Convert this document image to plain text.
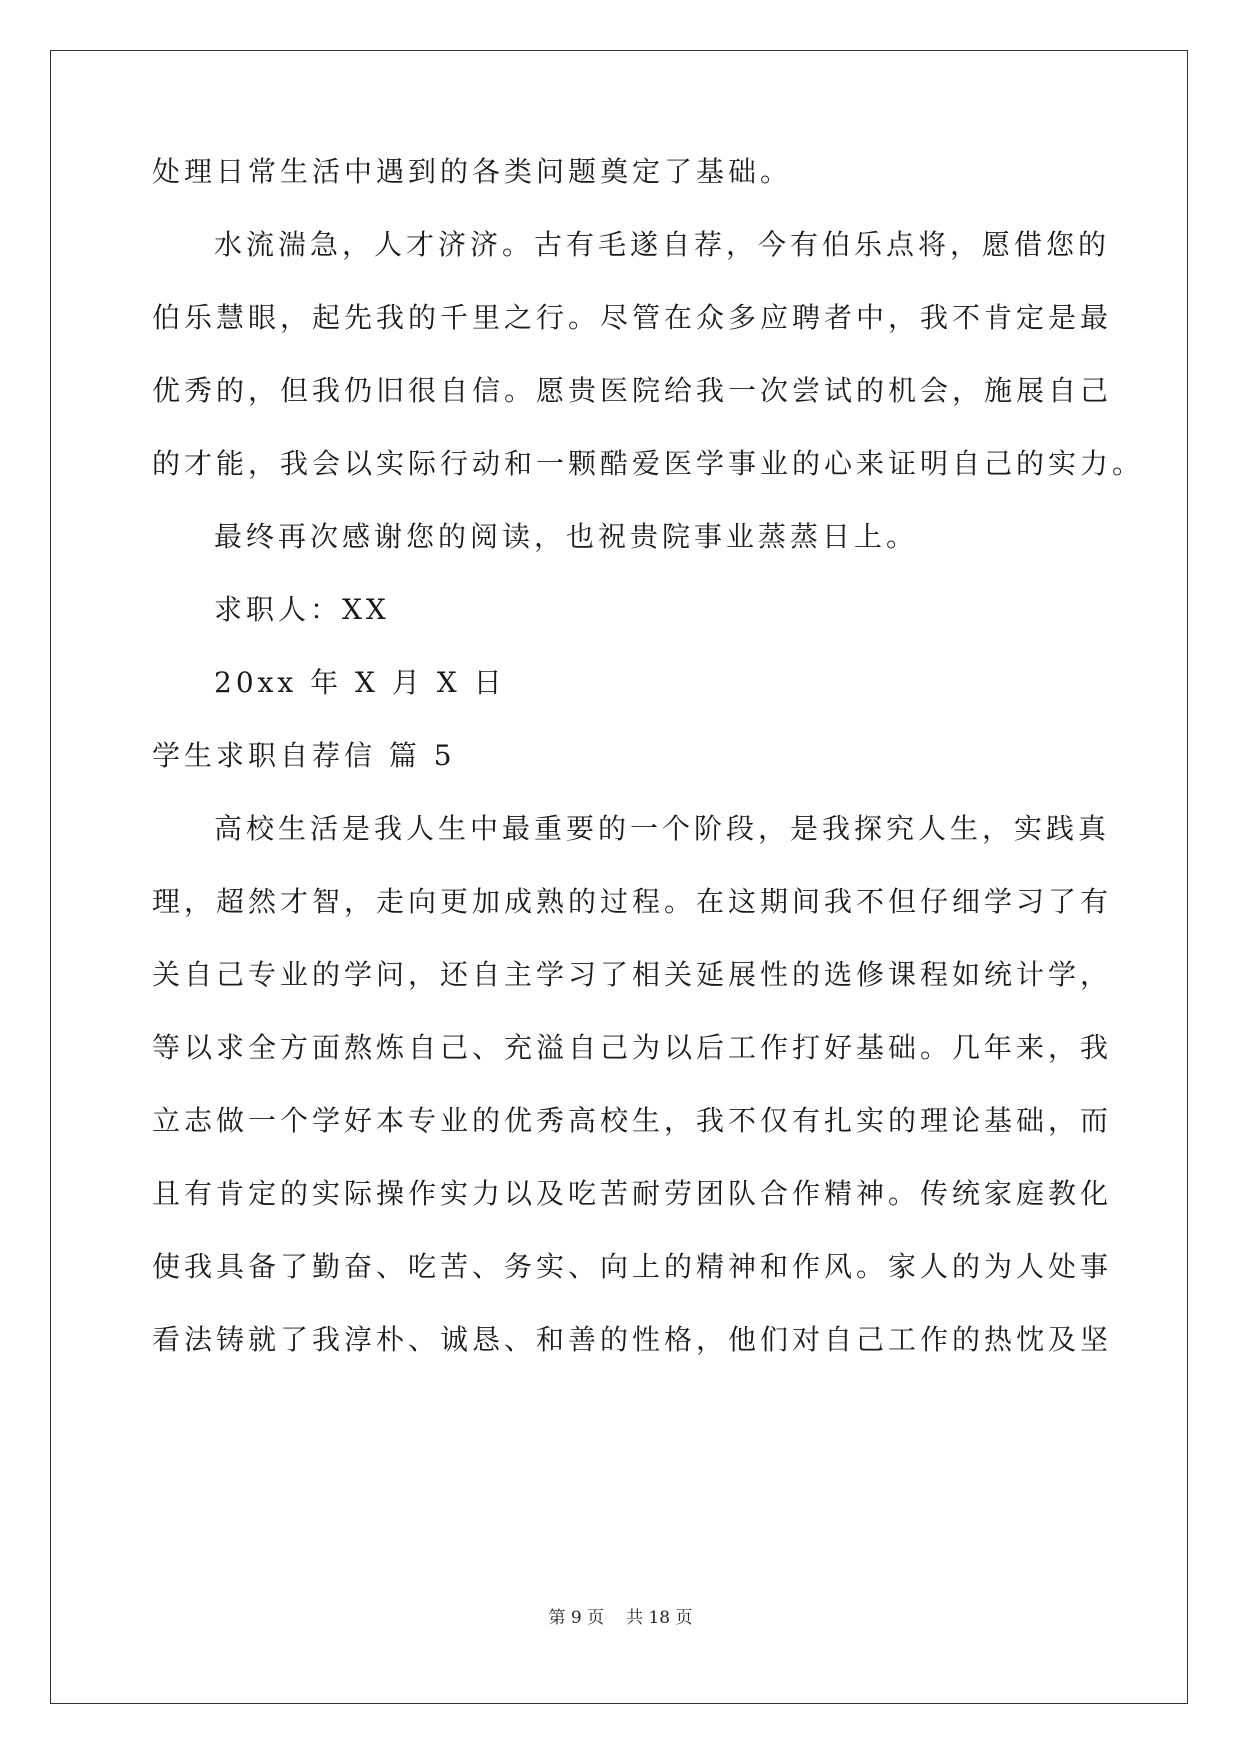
处理日常生活中遇到的各类问题奠定了基础。
水流湍急，人才济济。古有毛遂自荐，今有伯乐点将，愿借您的
伯乐慧眼，起先我的千里之行。尽管在众多应聘者中，我不肯定是最
优秀的，但我仍旧很自信。愿贵医院给我一次尝试的机会，施展自己
的才能，我会以实际行动和一颗酷爱医学事业的心来证明自己的实力。
最终再次感谢您的阅读，也祝贵院事业蒸蒸日上。
求职人：XX
20xx 年 X 月 X 日
学生求职自荐信 篇 5
高校生活是我人生中最重要的一个阶段，是我探究人生，实践真
理，超然才智，走向更加成熟的过程。在这期间我不但仔细学习了有
关自己专业的学问，还自主学习了相关延展性的选修课程如统计学，
等以求全方面熬炼自己、充溢自己为以后工作打好基础。几年来，我
立志做一个学好本专业的优秀高校生，我不仅有扎实的理论基础，而
且有肯定的实际操作实力以及吃苦耐劳团队合作精神。传统家庭教化
使我具备了勤奋、吃苦、务实、向上的精神和作风。家人的为人处事
看法铸就了我淳朴、诚恳、和善的性格，他们对自己工作的热忱及坚
第 9 页 共 18 页
